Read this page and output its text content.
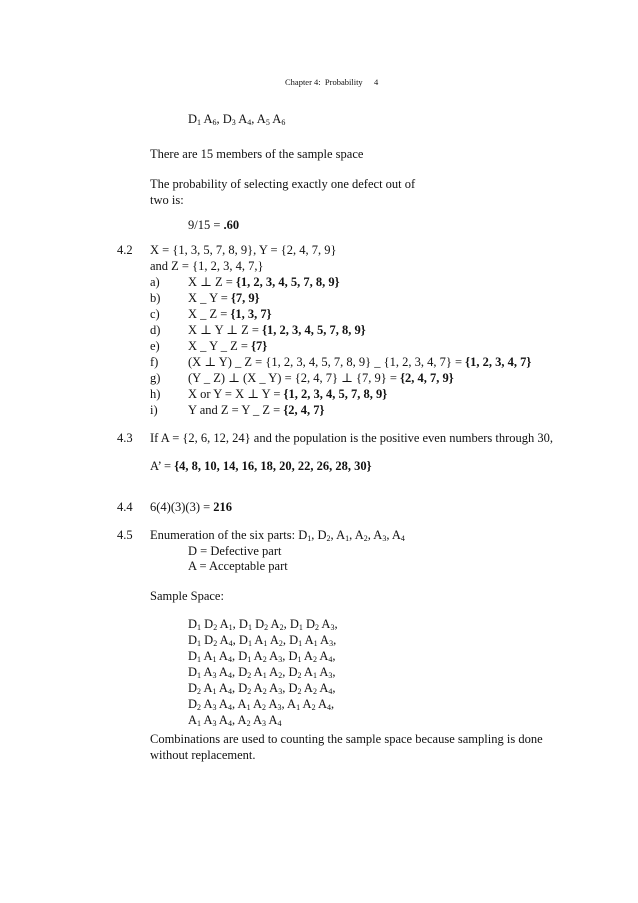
Chapter 4: Probability 4
$D_1$ $A_6$, $D_3$ $A_4$, $A_5$ $A_6$
There are 15 members of the sample space
The probability of selecting exactly one defect out of
two is:
9/15 = .60
4.2 X = {1, 3, 5, 7, 8, 9}, Y = {2, 4, 7, 9}
and Z = {1, 2, 3, 4, 7,}
a) X ⊥ Z = {1, 2, 3, 4, 5, 7, 8, 9}
b) X _ Y = {7, 9}
c) X _ Z = {1, 3, 7}
d) X ⊥ Y ⊥ Z = {1, 2, 3, 4, 5, 7, 8, 9}
e) X _ Y _ Z = {7}
f) (X ⊥ Y) _ Z = {1, 2, 3, 4, 5, 7, 8, 9} _ {1, 2, 3, 4, 7} = {1, 2, 3, 4, 7}
g) (Y _ Z) ⊥ (X _ Y) = {2, 4, 7} ⊥ {7, 9} = {2, 4, 7, 9}
h) X or Y = X ⊥ Y = {1, 2, 3, 4, 5, 7, 8, 9}
i) Y and Z = Y _ Z = {2, 4, 7}
4.3 If A = {2, 6, 12, 24} and the population is the positive even numbers through 30,
A’ = {4, 8, 10, 14, 16, 18, 20, 22, 26, 28, 30}
4.4 6(4)(3)(3) = 216
4.5 Enumeration of the six parts: $D_1$, $D_2$, $A_1$, $A_2$, $A_3$, $A_4$
D = Defective part
A = Acceptable part
Sample Space:
$D_1$ $D_2$ $A_1$, $D_1$ $D_2$ $A_2$, $D_1$ $D_2$ $A_3$,
$D_1$ $D_2$ $A_4$, $D_1$ $A_1$ $A_2$, $D_1$ $A_1$ $A_3$,
$D_1$ $A_1$ $A_4$, $D_1$ $A_2$ $A_3$, $D_1$ $A_2$ $A_4$,
$D_1$ $A_3$ $A_4$, $D_2$ $A_1$ $A_2$, $D_2$ $A_1$ $A_3$,
$D_2$ $A_1$ $A_4$, $D_2$ $A_2$ $A_3$, $D_2$ $A_2$ $A_4$,
$D_2$ $A_3$ $A_4$, $A_1$ $A_2$ $A_3$, $A_1$ $A_2$ $A_4$,
$A_1$ $A_3$ $A_4$, $A_2$ $A_3$ $A_4$
Combinations are used to counting the sample space because sampling is done
without replacement.
